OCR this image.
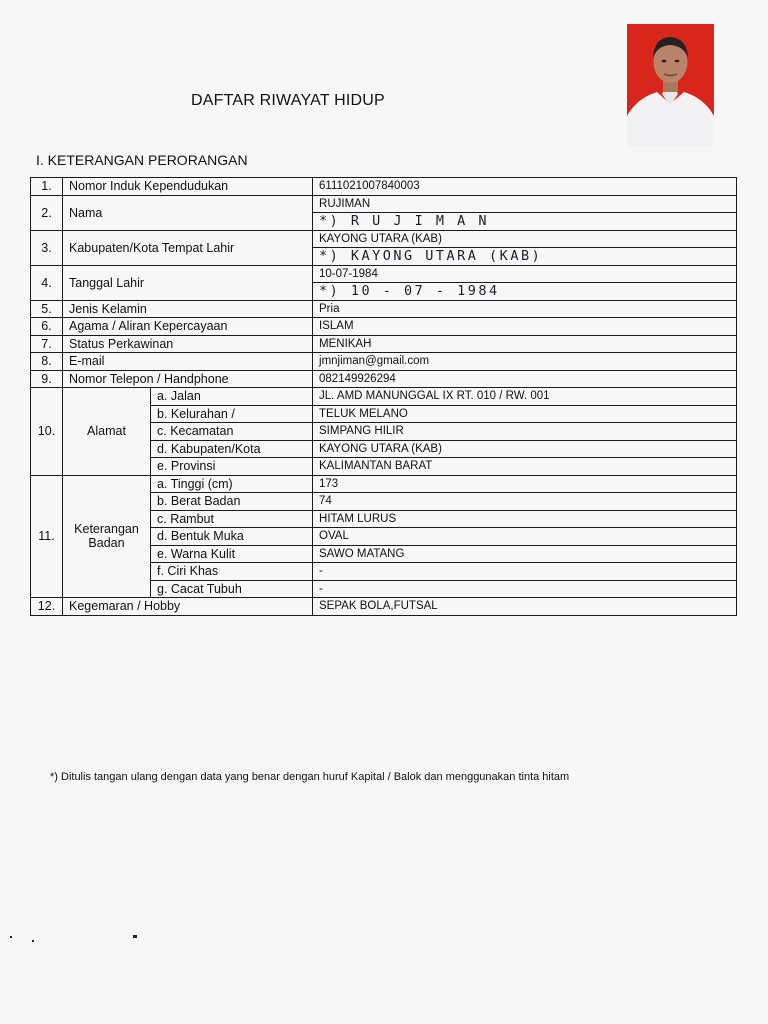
DAFTAR RIWAYAT HIDUP
I. KETERANGAN PERORANGAN
1.	Nomor Induk Kependudukan		6111021007840003
2.	Nama		RUJIMAN
			*) R U J I M A N
3.	Kabupaten/Kota Tempat Lahir		KAYONG UTARA (KAB)
			*) KAYONG UTARA (KAB)
4.	Tanggal Lahir		10-07-1984
			*) 10 - 07 - 1984
5.	Jenis Kelamin		Pria
6.	Agama / Aliran Kepercayaan		ISLAM
7.	Status Perkawinan		MENIKAH
8.	E-mail		jmnjiman@gmail.com
9.	Nomor Telepon / Handphone		082149926294
10.	Alamat	a. Jalan	JL. AMD MANUNGGAL IX RT. 010 / RW. 001
		b. Kelurahan /	TELUK MELANO
		c. Kecamatan	SIMPANG HILIR
		d. Kabupaten/Kota	KAYONG UTARA (KAB)
		e. Provinsi	KALIMANTAN BARAT
11.	Keterangan
Badan	a. Tinggi (cm)	173
		b. Berat Badan	74
		c. Rambut	HITAM LURUS
		d. Bentuk Muka	OVAL
		e. Warna Kulit	SAWO MATANG
		f. Ciri Khas	-
		g. Cacat Tubuh	-
12.	Kegemaran / Hobby		SEPAK BOLA,FUTSAL
*) Ditulis tangan ulang dengan data yang benar dengan huruf Kapital / Balok dan menggunakan tinta hitam
